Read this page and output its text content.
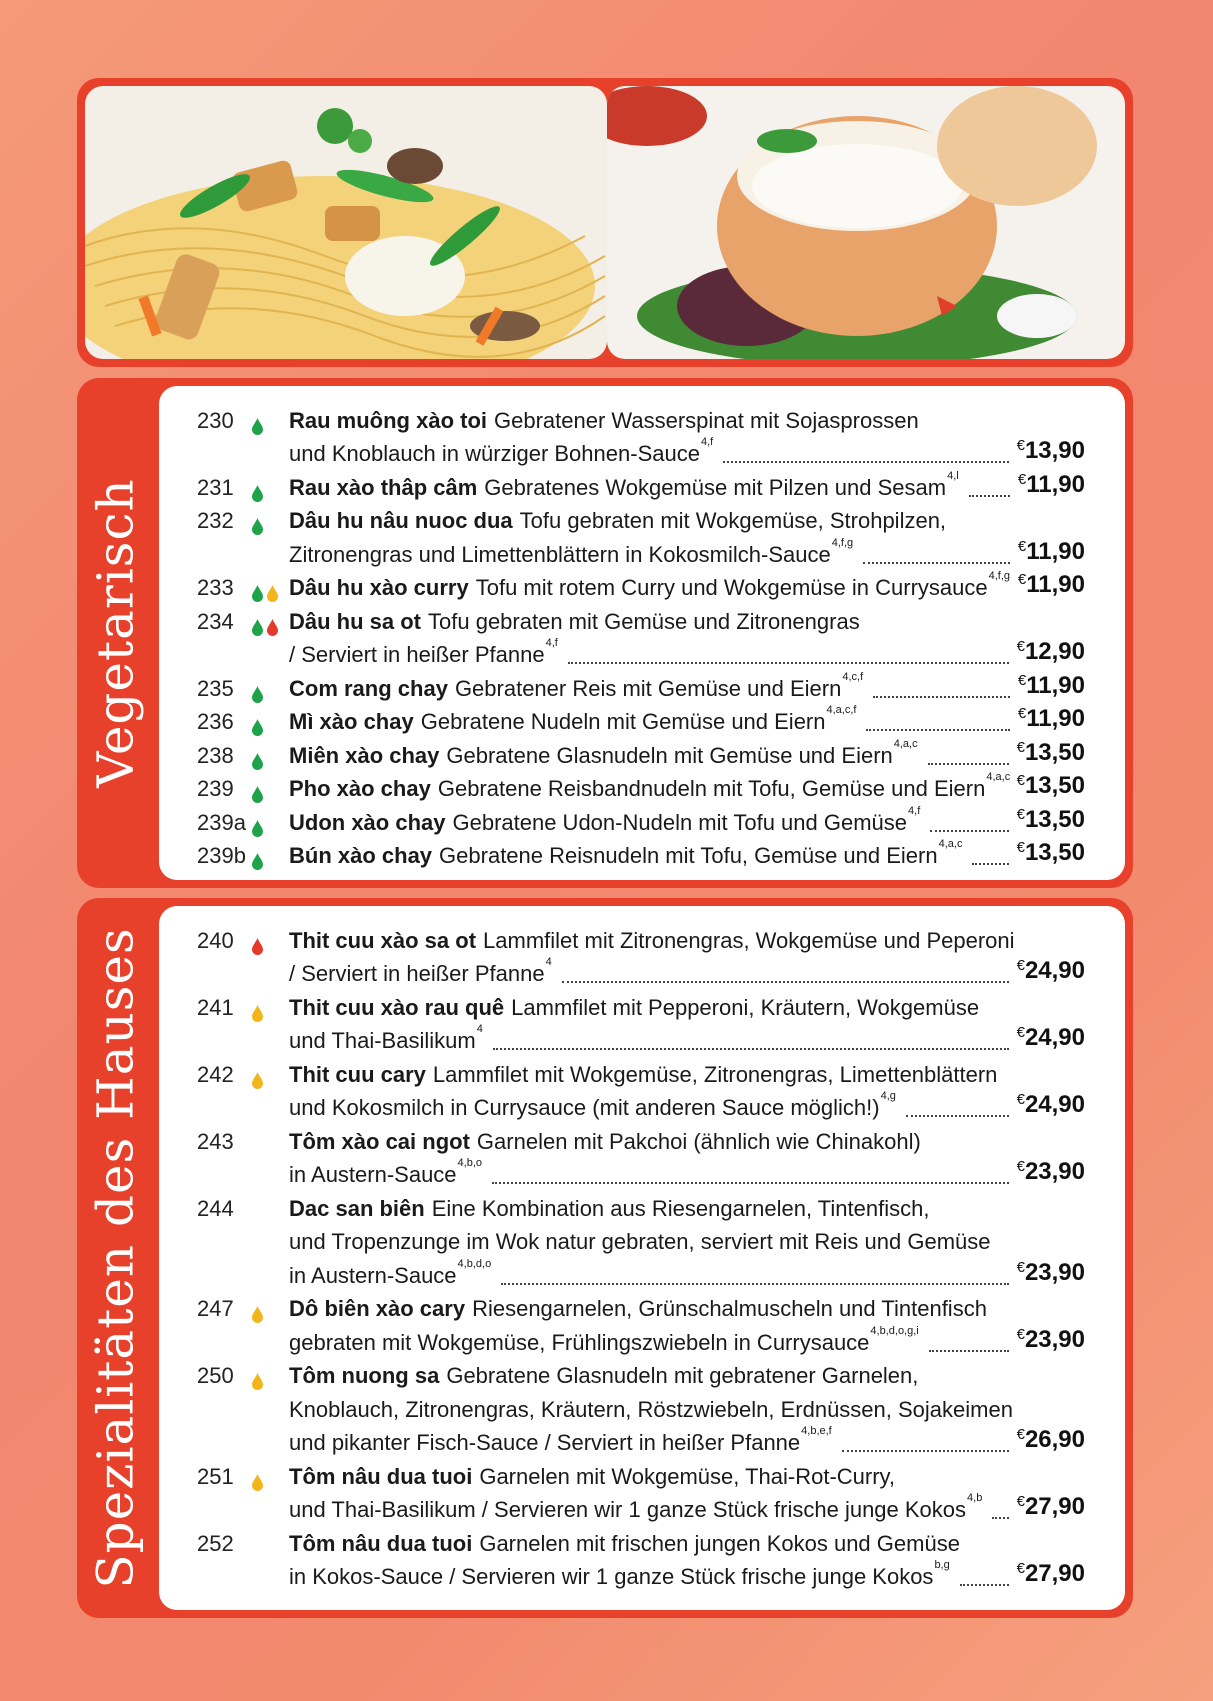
Vegetarisch
230	Rau muông xào toi Gebratener Wasserspinat mit Sojasprossen
und Knoblauch in würziger Bohnen-Sauce$^{4,f}$	€13,90
231	Rau xào thâp câm Gebratenes Wokgemüse mit Pilzen und Sesam$^{4,l}$	€11,90
232	Dâu hu nâu nuoc dua Tofu gebraten mit Wokgemüse, Strohpilzen,
Zitronengras und Limettenblättern in Kokosmilch-Sauce$^{4,f,g}$	€11,90
233	Dâu hu xào curry Tofu mit rotem Curry und Wokgemüse in Currysauce$^{4,f,g}$ €11,90
234	Dâu hu sa ot Tofu gebraten mit Gemüse und Zitronengras
/ Serviert in heißer Pfanne$^{4,f}$	€12,90
235	Com rang chay Gebratener Reis mit Gemüse und Eiern$^{4,c,f}$	€11,90
236	Mì xào chay Gebratene Nudeln mit Gemüse und Eiern$^{4,a,c,f}$	€11,90
238	Miên xào chay Gebratene Glasnudeln mit Gemüse und Eiern$^{4,a,c}$	€13,50
239	Pho xào chay Gebratene Reisbandnudeln mit Tofu, Gemüse und Eiern$^{4,a,c}$ €13,50
239a Udon xào chay Gebratene Udon-Nudeln mit Tofu und Gemüse$^{4,f}$	€13,50
239b Bún xào chay Gebratene Reisnudeln mit Tofu, Gemüse und Eiern$^{4,a,c}$	€13,50
Spezialitäten des Hauses 240	Thit cuu xào sa ot Lammfilet mit Zitronengras, Wokgemüse und Peperoni
/ Serviert in heißer Pfanne$^4$	€24,90
241	Thit cuu xào rau quê Lammfilet mit Pepperoni, Kräutern, Wokgemüse
und Thai-Basilikum$^4$	€24,90
242	Thit cuu cary Lammfilet mit Wokgemüse, Zitronengras, Limettenblättern
und Kokosmilch in Currysauce (mit anderen Sauce möglich!)$^{4,g}$	€24,90
243	Tôm xào cai ngot Garnelen mit Pakchoi (ähnlich wie Chinakohl)
in Austern-Sauce$^{4,b,o}$	€23,90
244	Dac san biên Eine Kombination aus Riesengarnelen, Tintenfisch,
und Tropenzunge im Wok natur gebraten, serviert mit Reis und Gemüse
in Austern-Sauce$^{4,b,d,o}$	€23,90
247	Dô biên xào cary Riesengarnelen, Grünschalmuscheln und Tintenfisch
gebraten mit Wokgemüse, Frühlingszwiebeln in Currysauce$^{4,b,d,o,g,i}$	€23,90
250	Tôm nuong sa Gebratene Glasnudeln mit gebratener Garnelen,
Knoblauch, Zitronengras, Kräutern, Röstzwiebeln, Erdnüssen, Sojakeimen
und pikanter Fisch-Sauce / Serviert in heißer Pfanne$^{4,b,e,f}$	€26,90
251	Tôm nâu dua tuoi Garnelen mit Wokgemüse, Thai-Rot-Curry,
und Thai-Basilikum / Servieren wir 1 ganze Stück frische junge Kokos$^{4,b}$ €27,90
252	Tôm nâu dua tuoi Garnelen mit frischen jungen Kokos und Gemüse
in Kokos-Sauce / Servieren wir 1 ganze Stück frische junge Kokos$^{b,g}$	€27,90
